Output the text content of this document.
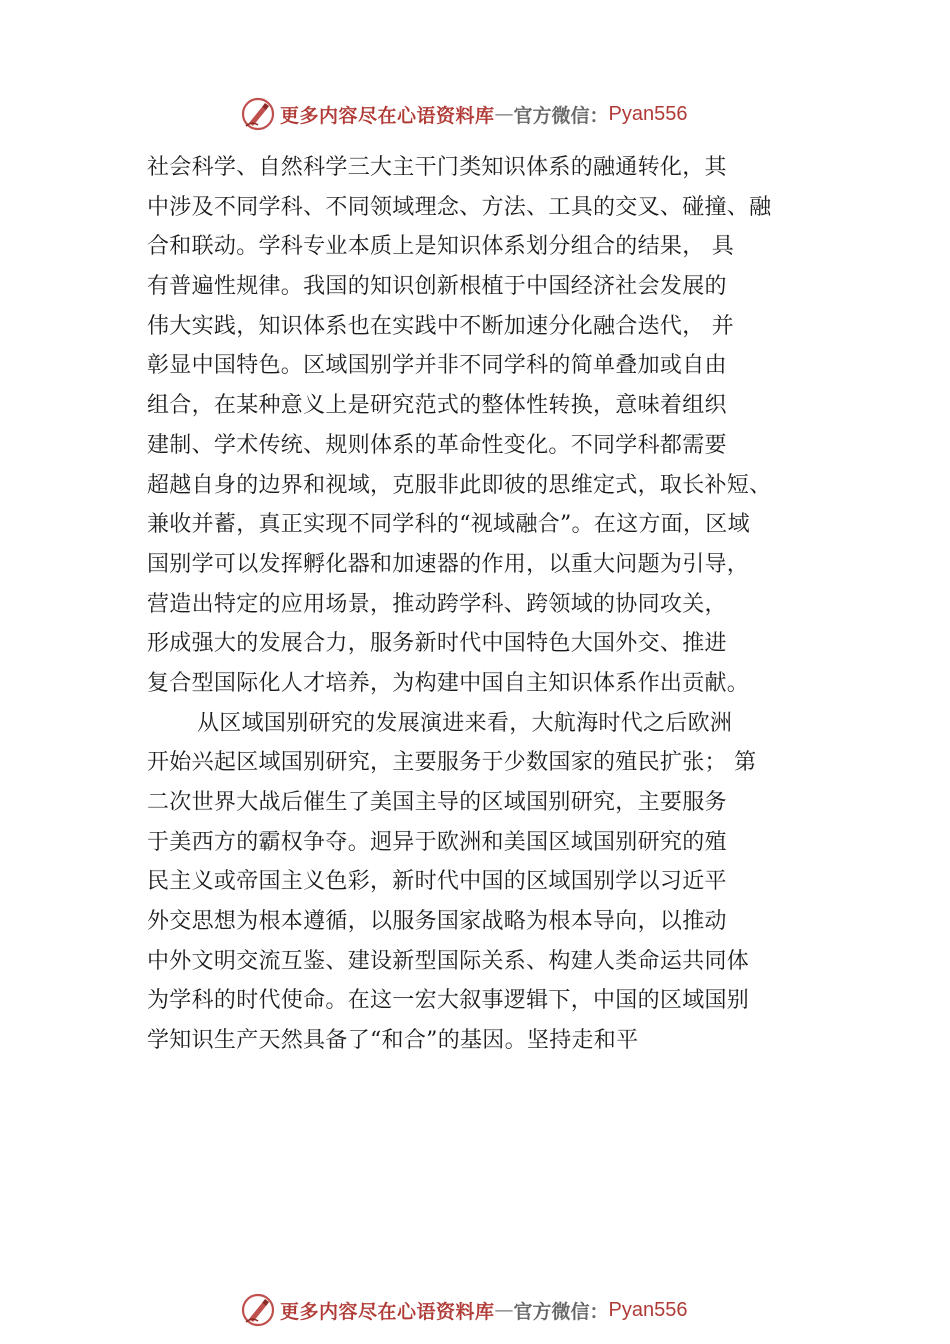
更多内容尽在心语资料库 — 官方微信： Pyan556
社会科学、自然科学三大主干门类知识体系的融通转化，其
中涉及不同学科、不同领域理念、方法、工具的交叉、碰撞、融
合和联动。学科专业本质上是知识体系划分组合的结果， 具
有普遍性规律。我国的知识创新根植于中国经济社会发展的
伟大实践，知识体系也在实践中不断加速分化融合迭代， 并
彰显中国特色。区域国别学并非不同学科的简单叠加或自由
组合，在某种意义上是研究范式的整体性转换，意味着组织
建制、学术传统、规则体系的革命性变化。不同学科都需要
超越自身的边界和视域，克服非此即彼的思维定式，取长补短、
兼收并蓄，真正实现不同学科的“视域融合”。在这方面，区域
国别学可以发挥孵化器和加速器的作用，以重大问题为引导，
营造出特定的应用场景，推动跨学科、跨领域的协同攻关，
形成强大的发展合力，服务新时代中国特色大国外交、推进
复合型国际化人才培养，为构建中国自主知识体系作出贡献。
从区域国别研究的发展演进来看，大航海时代之后欧洲
开始兴起区域国别研究，主要服务于少数国家的殖民扩张； 第
二次世界大战后催生了美国主导的区域国别研究，主要服务
于美西方的霸权争夺。迥异于欧洲和美国区域国别研究的殖
民主义或帝国主义色彩，新时代中国的区域国别学以习近平
外交思想为根本遵循，以服务国家战略为根本导向，以推动
中外文明交流互鉴、建设新型国际关系、构建人类命运共同体
为学科的时代使命。在这一宏大叙事逻辑下，中国的区域国别
学知识生产天然具备了“和合”的基因。坚持走和平
更多内容尽在心语资料库 — 官方微信： Pyan556
